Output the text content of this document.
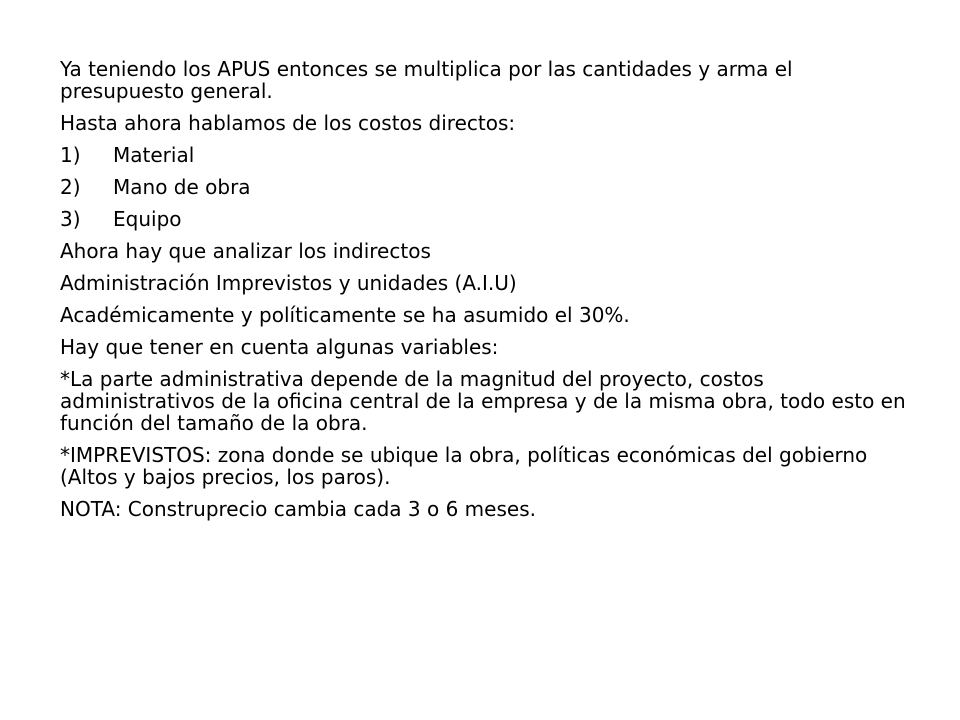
Ya teniendo los APUS entonces se multiplica por las cantidades y arma el presupuesto general.

Hasta ahora hablamos de los costos directos:

1)	Material
2)	Mano de obra
3)	Equipo

Ahora hay que analizar los indirectos

Administración Imprevistos y unidades (A.I.U)

Académicamente y políticamente se ha asumido el 30%.

Hay que tener en cuenta algunas variables:

*La parte administrativa depende de la magnitud del proyecto, costos administrativos de la oficina central de la empresa y de la misma obra, todo esto en función del tamaño de la obra.

*IMPREVISTOS: zona donde se ubique la obra, políticas económicas del gobierno (Altos y bajos precios, los paros).

NOTA: Construprecio cambia cada 3 o 6 meses.
